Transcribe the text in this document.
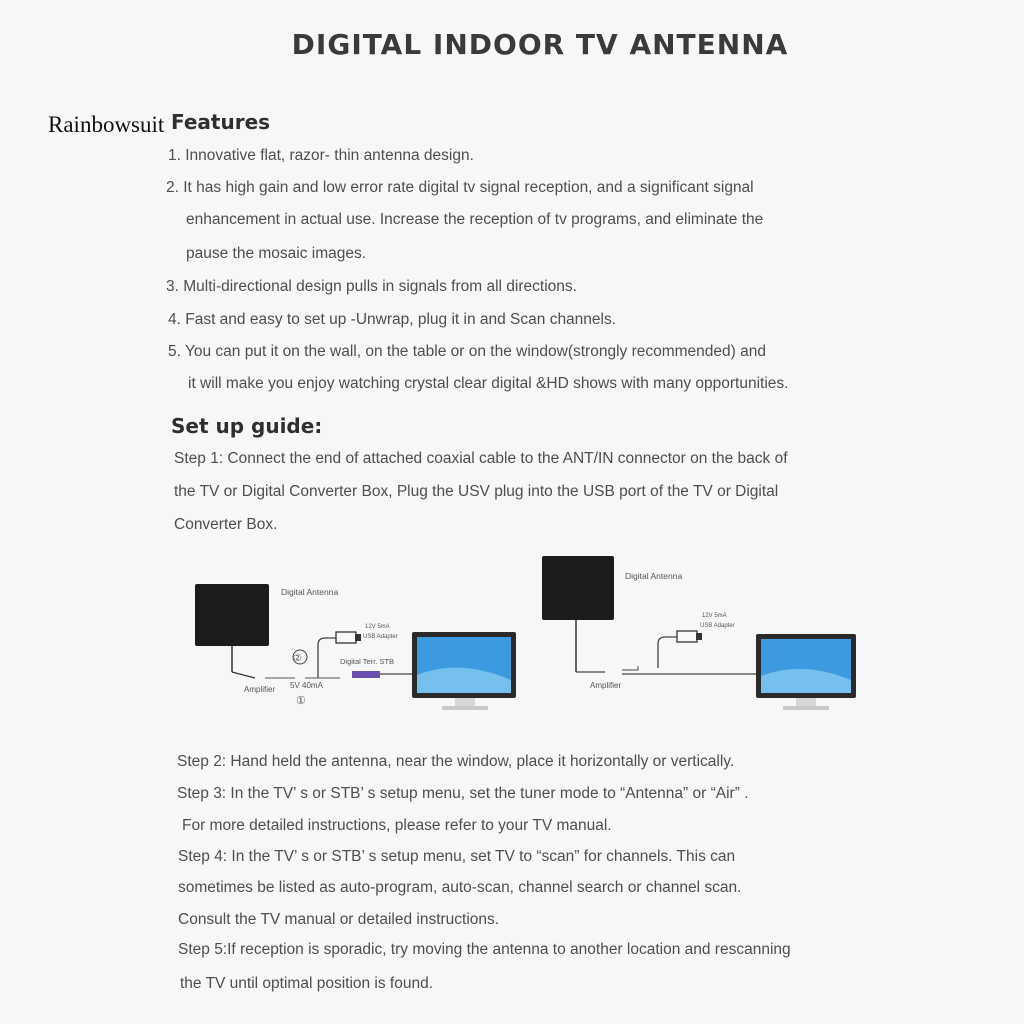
DIGITAL INDOOR TV ANTENNA
Rainbowsuit Features
1. Innovative flat, razor- thin antenna design.
2. It has high gain and low error rate digital tv signal reception, and a significant signal
enhancement in actual use. Increase the reception of tv programs, and eliminate the
pause the mosaic images.
3. Multi-directional design pulls in signals from all directions.
4. Fast and easy to set up -Unwrap, plug it in and Scan channels.
5. You can put it on the wall, on the table or on the window(strongly recommended) and
it will make you enjoy watching crystal clear digital &HD shows with many opportunities.
Set up guide:
Step 1: Connect the end of attached coaxial cable to the ANT/IN connector on the back of
the TV or Digital Converter Box, Plug the USV plug into the USB port of the TV or Digital
Converter Box.
Digital Antenna
Amplifier
②
5V 40mA
①
12V 5mA
USB Adapter
Digital Terr. STB
Digital Antenna
Amplifier
12V 5mA
USB Adapter
Step 2: Hand held the antenna, near the window, place it horizontally or vertically.
Step 3: In the TV’ s or STB’ s setup menu, set the tuner mode to “Antenna” or “Air” .
For more detailed instructions, please refer to your TV manual.
Step 4: In the TV’ s or STB’ s setup menu, set TV to “scan” for channels. This can
sometimes be listed as auto-program, auto-scan, channel search or channel scan.
Consult the TV manual or detailed instructions.
Step 5:If reception is sporadic, try moving the antenna to another location and rescanning
the TV until optimal position is found.
